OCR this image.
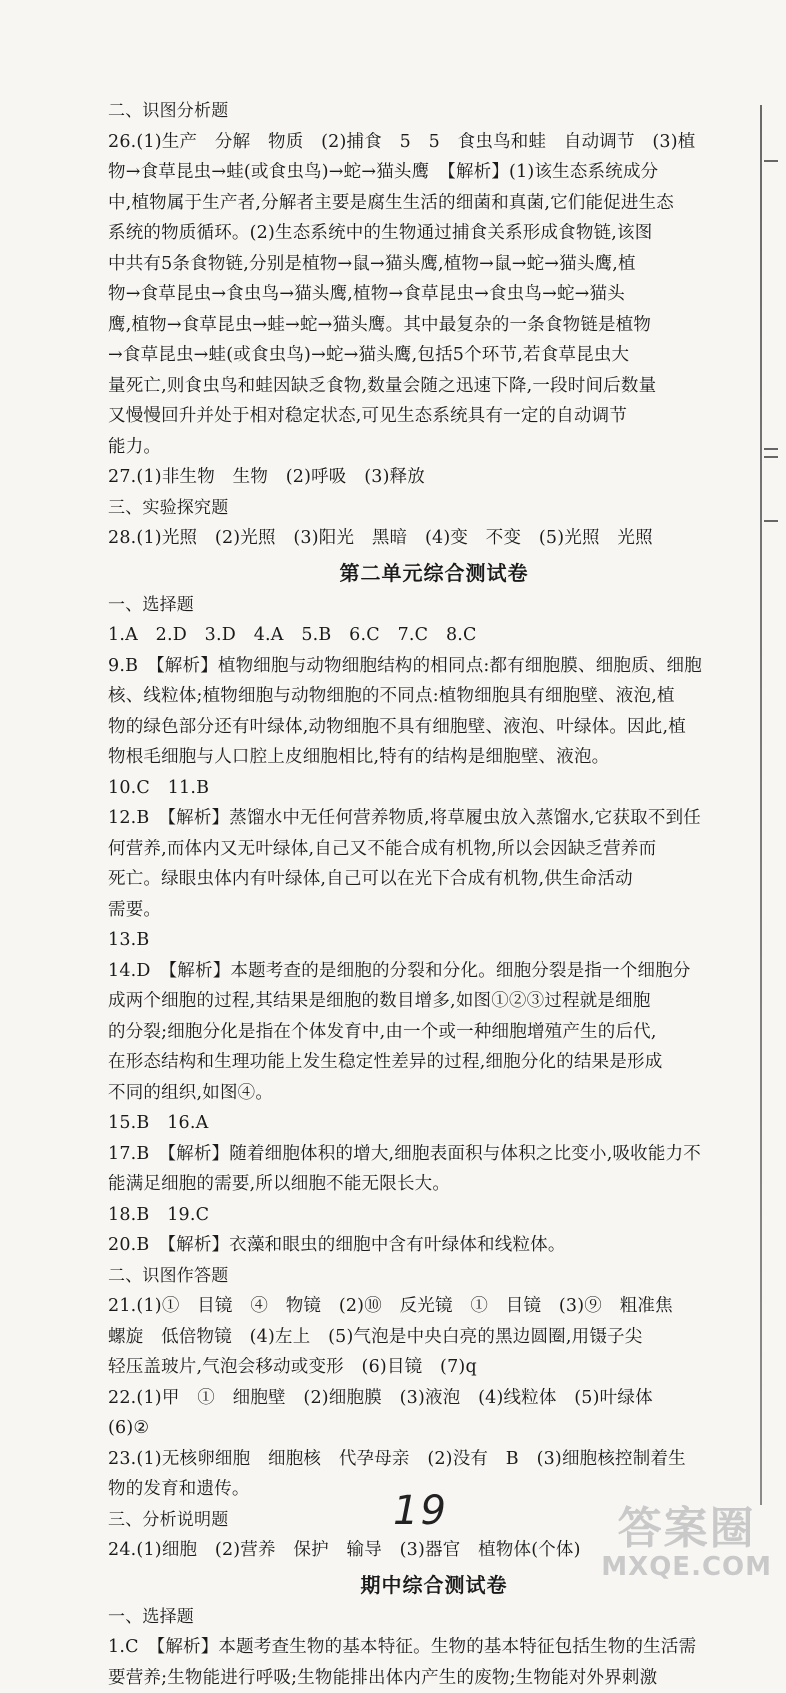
二、识图分析题
26.(1)生产　分解　物质　(2)捕食　5　5　食虫鸟和蛙　自动调节　(3)植
物→食草昆虫→蛙(或食虫鸟)→蛇→猫头鹰　【解析】(1)该生态系统成分
中,植物属于生产者,分解者主要是腐生生活的细菌和真菌,它们能促进生态
系统的物质循环。(2)生态系统中的生物通过捕食关系形成食物链,该图
中共有5条食物链,分别是植物→鼠→猫头鹰,植物→鼠→蛇→猫头鹰,植
物→食草昆虫→食虫鸟→猫头鹰,植物→食草昆虫→食虫鸟→蛇→猫头
鹰,植物→食草昆虫→蛙→蛇→猫头鹰。其中最复杂的一条食物链是植物
→食草昆虫→蛙(或食虫鸟)→蛇→猫头鹰,包括5个环节,若食草昆虫大
量死亡,则食虫鸟和蛙因缺乏食物,数量会随之迅速下降,一段时间后数量
又慢慢回升并处于相对稳定状态,可见生态系统具有一定的自动调节
能力。
27.(1)非生物　生物　(2)呼吸　(3)释放
三、实验探究题
28.(1)光照　(2)光照　(3)阳光　黑暗　(4)变　不变　(5)光照　光照
第二单元综合测试卷
一、选择题
1.A　2.D　3.D　4.A　5.B　6.C　7.C　8.C
9.B　【解析】植物细胞与动物细胞结构的相同点:都有细胞膜、细胞质、细胞
核、线粒体;植物细胞与动物细胞的不同点:植物细胞具有细胞壁、液泡,植
物的绿色部分还有叶绿体,动物细胞不具有细胞壁、液泡、叶绿体。因此,植
物根毛细胞与人口腔上皮细胞相比,特有的结构是细胞壁、液泡。
10.C　11.B
12.B　【解析】蒸馏水中无任何营养物质,将草履虫放入蒸馏水,它获取不到任
何营养,而体内又无叶绿体,自己又不能合成有机物,所以会因缺乏营养而
死亡。绿眼虫体内有叶绿体,自己可以在光下合成有机物,供生命活动
需要。
13.B
14.D　【解析】本题考查的是细胞的分裂和分化。细胞分裂是指一个细胞分
成两个细胞的过程,其结果是细胞的数目增多,如图①②③过程就是细胞
的分裂;细胞分化是指在个体发育中,由一个或一种细胞增殖产生的后代,
在形态结构和生理功能上发生稳定性差异的过程,细胞分化的结果是形成
不同的组织,如图④。
15.B　16.A
17.B　【解析】随着细胞体积的增大,细胞表面积与体积之比变小,吸收能力不
能满足细胞的需要,所以细胞不能无限长大。
18.B　19.C
20.B　【解析】衣藻和眼虫的细胞中含有叶绿体和线粒体。
二、识图作答题
21.(1)①　目镜　④　物镜　(2)⑩　反光镜　①　目镜　(3)⑨　粗准焦
螺旋　低倍物镜　(4)左上　(5)气泡是中央白亮的黑边圆圈,用镊子尖
轻压盖玻片,气泡会移动或变形　(6)目镜　(7)q
22.(1)甲　①　细胞壁　(2)细胞膜　(3)液泡　(4)线粒体　(5)叶绿体
(6)②
23.(1)无核卵细胞　细胞核　代孕母亲　(2)没有　B　(3)细胞核控制着生
物的发育和遗传。
三、分析说明题
24.(1)细胞　(2)营养　保护　输导　(3)器官　植物体(个体)
期中综合测试卷
一、选择题
1.C　【解析】本题考查生物的基本特征。生物的基本特征包括生物的生活需
要营养;生物能进行呼吸;生物能排出体内产生的废物;生物能对外界刺激
19	答案圈
MXQE.COM
